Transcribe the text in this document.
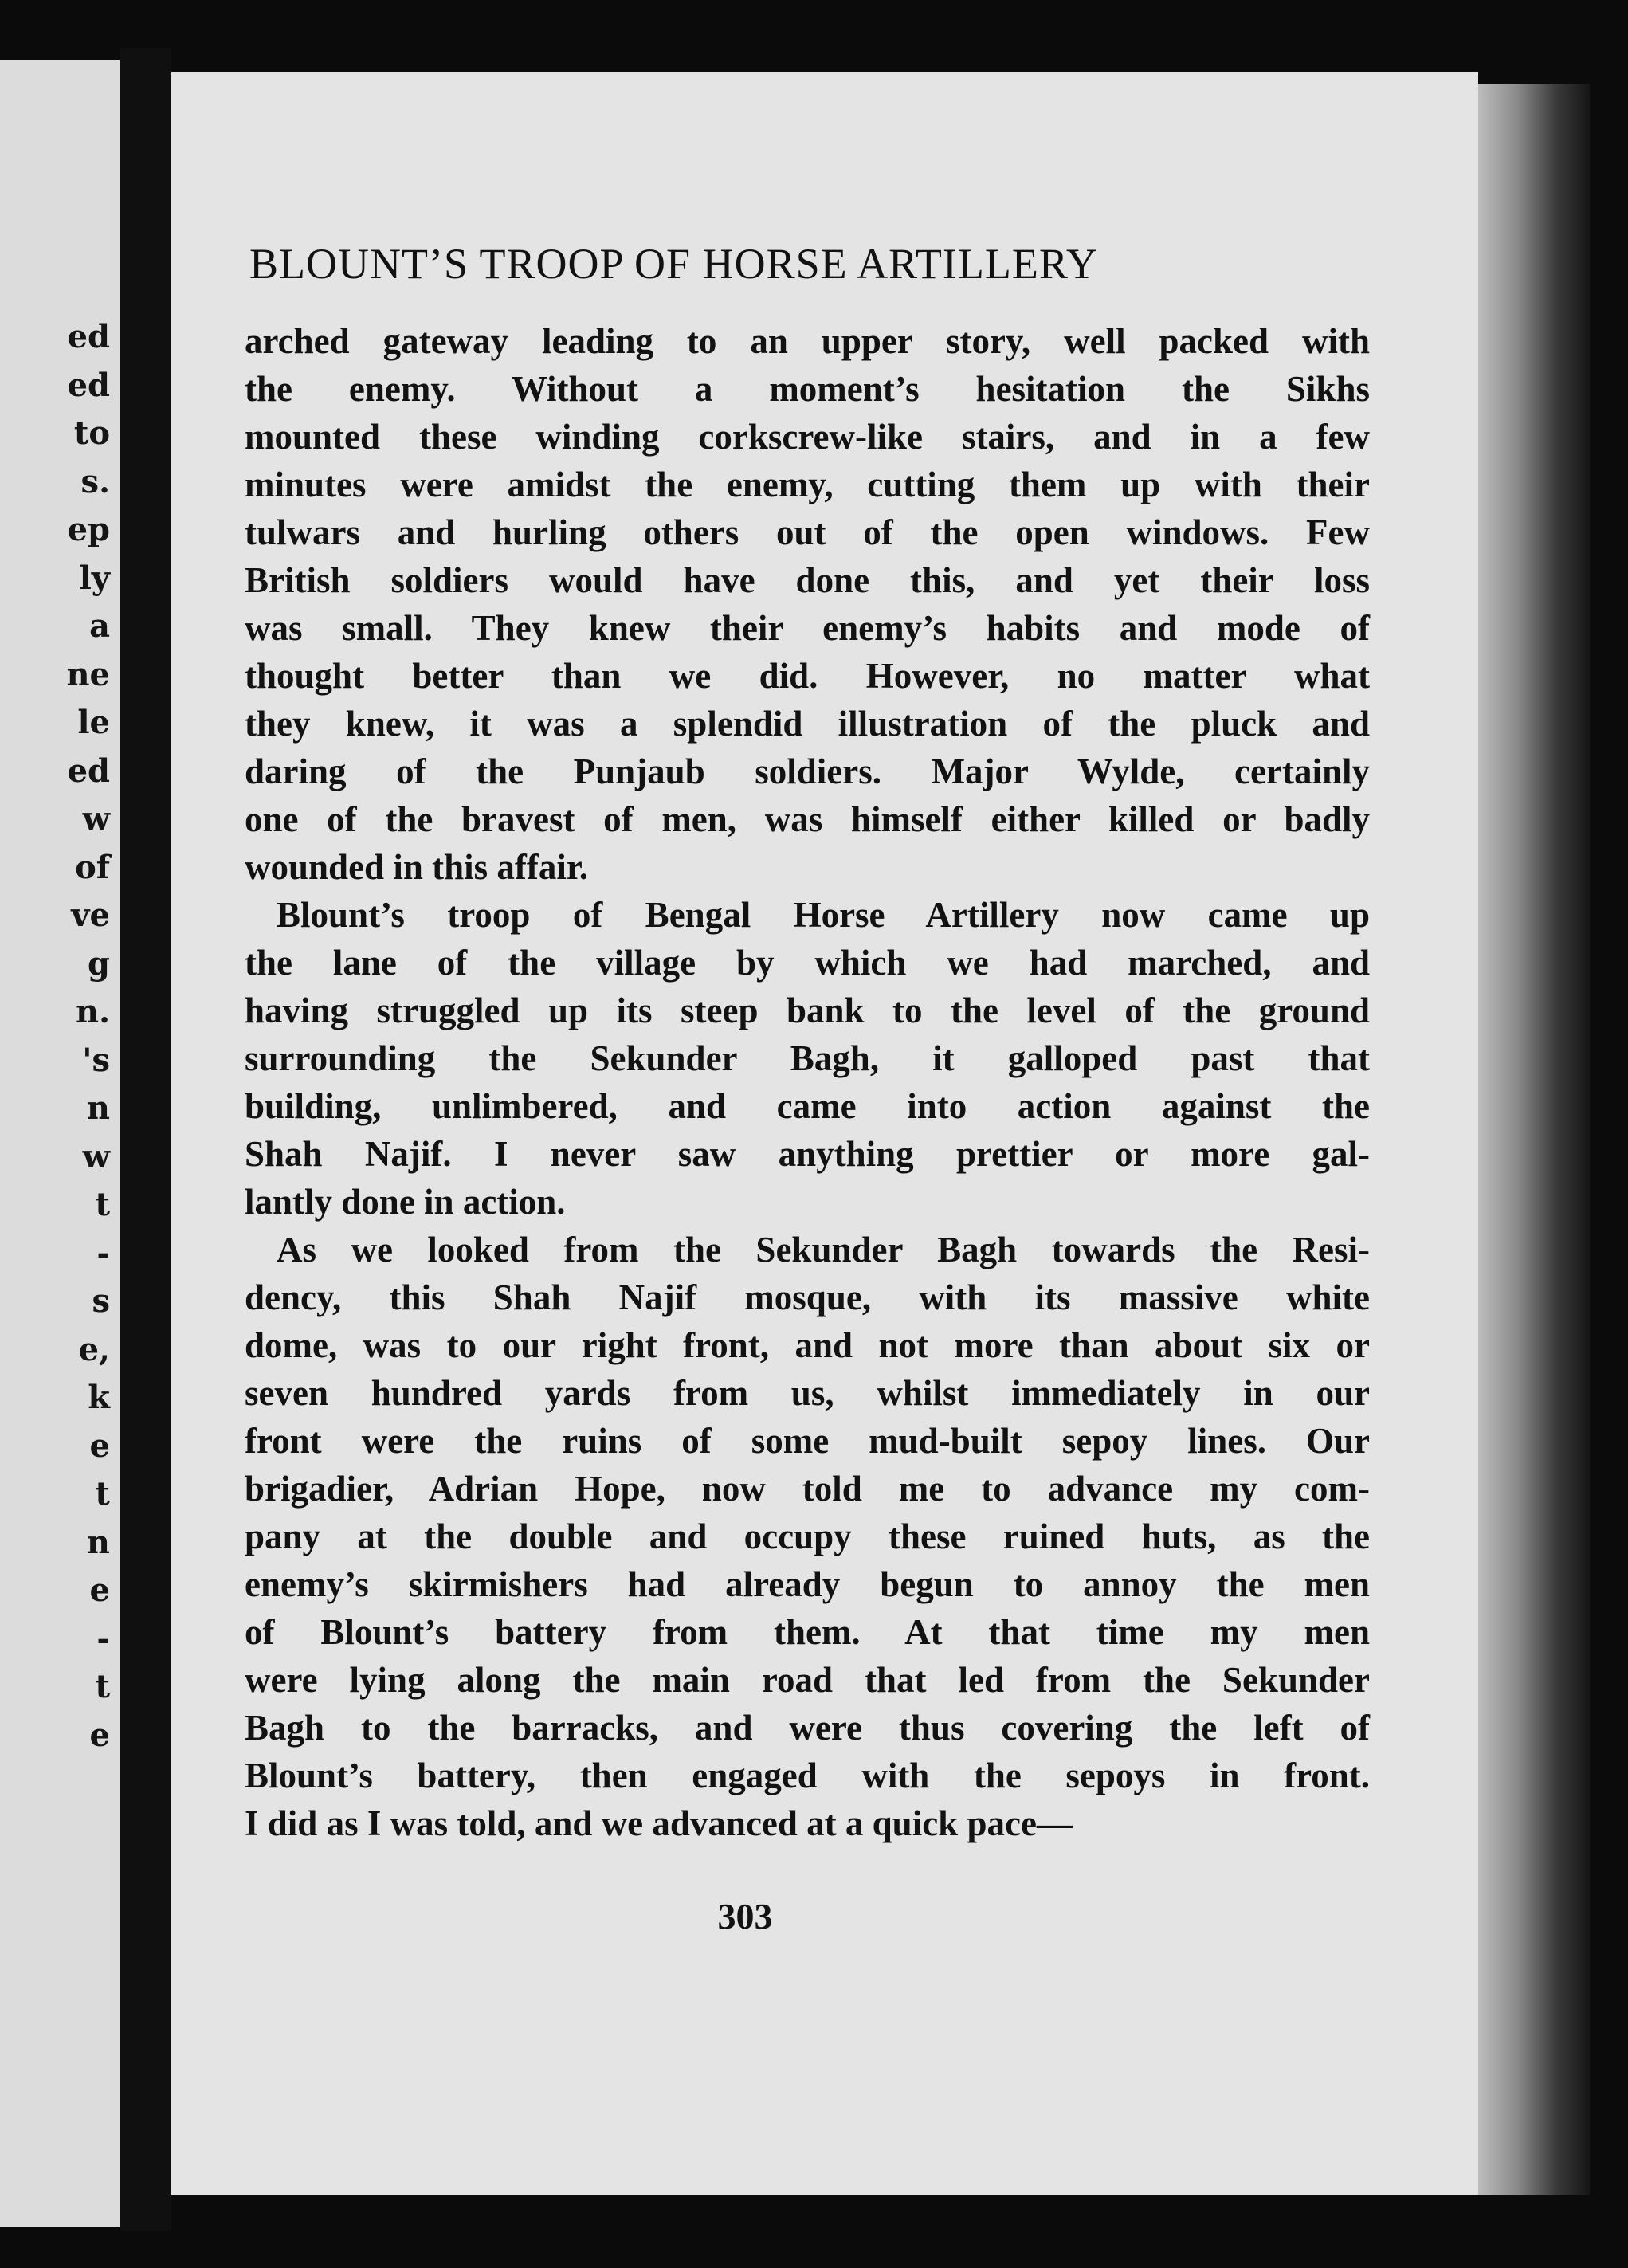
ed
ed
to
s.
ep
ly
a
ne
le
ed
w
of
ve
g
n.
's
n
w
t
-
s
e,
k
e
t
n
e
-
t
e
BLOUNT’S TROOP OF HORSE ARTILLERY
arched gateway leading to an upper story, well packed with
the enemy. Without a moment’s hesitation the Sikhs
mounted these winding corkscrew-like stairs, and in a few
minutes were amidst the enemy, cutting them up with their
tulwars and hurling others out of the open windows. Few
British soldiers would have done this, and yet their loss
was small. They knew their enemy’s habits and mode of
thought better than we did. However, no matter what
they knew, it was a splendid illustration of the pluck and
daring of the Punjaub soldiers. Major Wylde, certainly
one of the bravest of men, was himself either killed or badly
wounded in this affair.
Blount’s troop of Bengal Horse Artillery now came up
the lane of the village by which we had marched, and
having struggled up its steep bank to the level of the ground
surrounding the Sekunder Bagh, it galloped past that
building, unlimbered, and came into action against the
Shah Najif. I never saw anything prettier or more gal-
lantly done in action.
As we looked from the Sekunder Bagh towards the Resi-
dency, this Shah Najif mosque, with its massive white
dome, was to our right front, and not more than about six or
seven hundred yards from us, whilst immediately in our
front were the ruins of some mud-built sepoy lines. Our
brigadier, Adrian Hope, now told me to advance my com-
pany at the double and occupy these ruined huts, as the
enemy’s skirmishers had already begun to annoy the men
of Blount’s battery from them. At that time my men
were lying along the main road that led from the Sekunder
Bagh to the barracks, and were thus covering the left of
Blount’s battery, then engaged with the sepoys in front.
I did as I was told, and we advanced at a quick pace—
303
